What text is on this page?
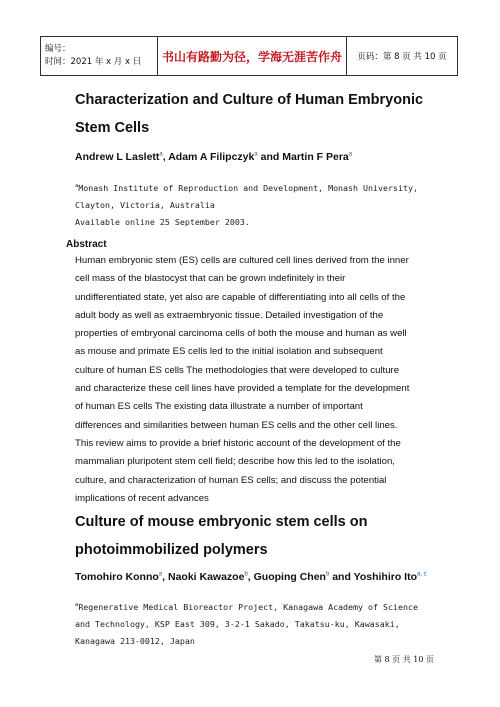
编号：
时间：2021 年 x 月 x 日	书山有路勤为径，学海无涯苦作舟	页码：第 8 页 共 10 页
Characterization and Culture of Human Embryonic
Stem Cells
Andrew L Laslett$^a$, Adam A Filipczyk$^a$ and Martin F Pera$^a$
$^a$Monash Institute of Reproduction and Development, Monash University,
Clayton, Victoria, Australia
Available online 25 September 2003.
Abstract
Human embryonic stem (ES) cells are cultured cell lines derived from the inner
cell mass of the blastocyst that can be grown indefinitely in their
undifferentiated state, yet also are capable of differentiating into all cells of the
adult body as well as extraembryonic tissue. Detailed investigation of the
properties of embryonal carcinoma cells of both the mouse and human as well
as mouse and primate ES cells led to the initial isolation and subsequent
culture of human ES cells The methodologies that were developed to culture
and characterize these cell lines have provided a template for the development
of human ES cells The existing data illustrate a number of important
differences and similarities between human ES cells and the other cell lines.
This review aims to provide a brief historic account of the development of the
mammalian pluripotent stem cell field; describe how this led to the isolation,
culture, and characterization of human ES cells; and discuss the potential
implications of recent advances
Culture of mouse embryonic stem cells on
photoimmobilized polymers
Tomohiro Konno$^a$, Naoki Kawazoe$^b$, Guoping Chen$^b$ and Yoshihiro Ito$^{a, c}$
$^a$Regenerative Medical Bioreactor Project, Kanagawa Academy of Science
and Technology, KSP East 309, 3-2-1 Sakado, Takatsu-ku, Kawasaki,
Kanagawa 213-0012, Japan
第 8 页 共 10 页
